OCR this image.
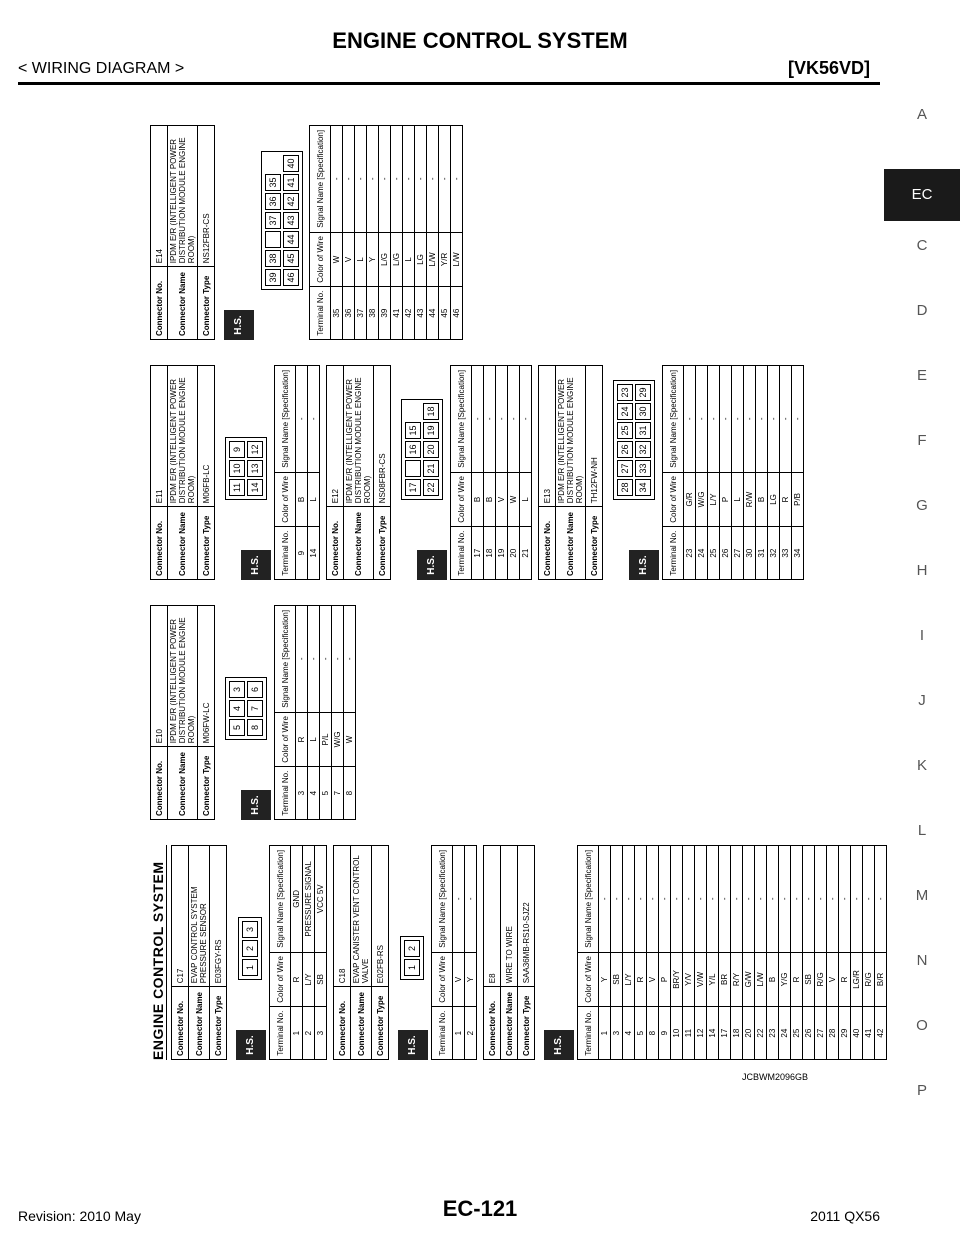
ENGINE CONTROL SYSTEM
< WIRING DIAGRAM >	[VK56VD]
A
EC
C
D
E
F
G
H
I
J
K
L
M
N
O
P
ENGINE CONTROL SYSTEM Connector No.	C17
Connector Name	EVAP CONTROL SYSTEM PRESSURE SENSOR
Connector Type	E03FGY-RS
H.S.
1
2
3
Terminal No.	Color of Wire	Signal Name [Specification]
1	R	GND
2	L/Y	PRESSURE SIGNAL
3	SB	VCC 5V
Connector No.	C18
Connector Name	EVAP CANISTER VENT CONTROL VALVE
Connector Type	E02FB-RS
H.S.
1
2
Terminal No.	Color of Wire	Signal Name [Specification]
1	V	-
2	Y	-
Connector No.	E8
Connector Name	WIRE TO WIRE
Connector Type	SAA36MB-RS10-SJZ2
H.S. Terminal No.	Color of Wire	Signal Name [Specification]
1	Y	-
3	SB	-
4	L/Y	-
5	R	-
8	V	-
9	P	-
10	BR/Y	-
11	Y/V	-
12	V/W	-
14	Y/L	-
17	BR	-
18	R/Y	-
20	G/W	-
22	L/W	-
23	B	-
24	Y/G	-
25	R	-
26	SB	-
27	R/G	-
28	V	-
29	R	-
40	LG/R	-
41	R/G	-
42	B/R	-
Connector No.	E10
Connector Name	IPDM E/R (INTELLIGENT POWER DISTRIBUTION MODULE ENGINE ROOM)
Connector Type	M06FW-LC
H.S.
5
4
3
8
7
6
Terminal No.	Color of Wire	Signal Name [Specification]
3	R	-
4	L	-
5	P/L	-
7	W/G	-
8	W	-
Connector No.	E11
Connector Name	IPDM E/R (INTELLIGENT POWER DISTRIBUTION MODULE ENGINE ROOM)
Connector Type	M06FB-LC
H.S.
11
10
9
14
13
12
Terminal No.	Color of Wire	Signal Name [Specification]
9	B	-
14	L	-
Connector No.	E12
Connector Name	IPDM E/R (INTELLIGENT POWER DISTRIBUTION MODULE ENGINE ROOM)
Connector Type	NS08FBR-CS
H.S.
17
16
15
22
21
20
19
18
Terminal No.	Color of Wire	Signal Name [Specification]
17	B	-
18	B	-
19	V	-
20	W	-
21	L	-
Connector No.	E13
Connector Name	IPDM E/R (INTELLIGENT POWER DISTRIBUTION MODULE ENGINE ROOM)
Connector Type	TH12FW-NH
H.S.
28
27
26
25
24
23
34
33
32
31
30
29
Terminal No.	Color of Wire	Signal Name [Specification]
23	G/R	-
24	W/G	-
25	L/Y	-
26	P	-
27	L	-
30	R/W	-
31	B	-
32	LG	-
33	R	-
34	P/B	-
Connector No.	E14
Connector Name	IPDM E/R (INTELLIGENT POWER DISTRIBUTION MODULE ENGINE ROOM)
Connector Type	NS12FBR-CS
H.S.
39
38
37
36
35
46
45
44
43
42
41
40
Terminal No.	Color of Wire	Signal Name [Specification]
35	W	-
36	V	-
37	L	-
38	Y	-
39	L/G	-
41	L/G	-
42	L	-
43	LG	-
44	L/W	-
45	Y/R	-
46	L/W	-
JCBWM2096GB
Revision: 2010 May	EC-121	2011 QX56
